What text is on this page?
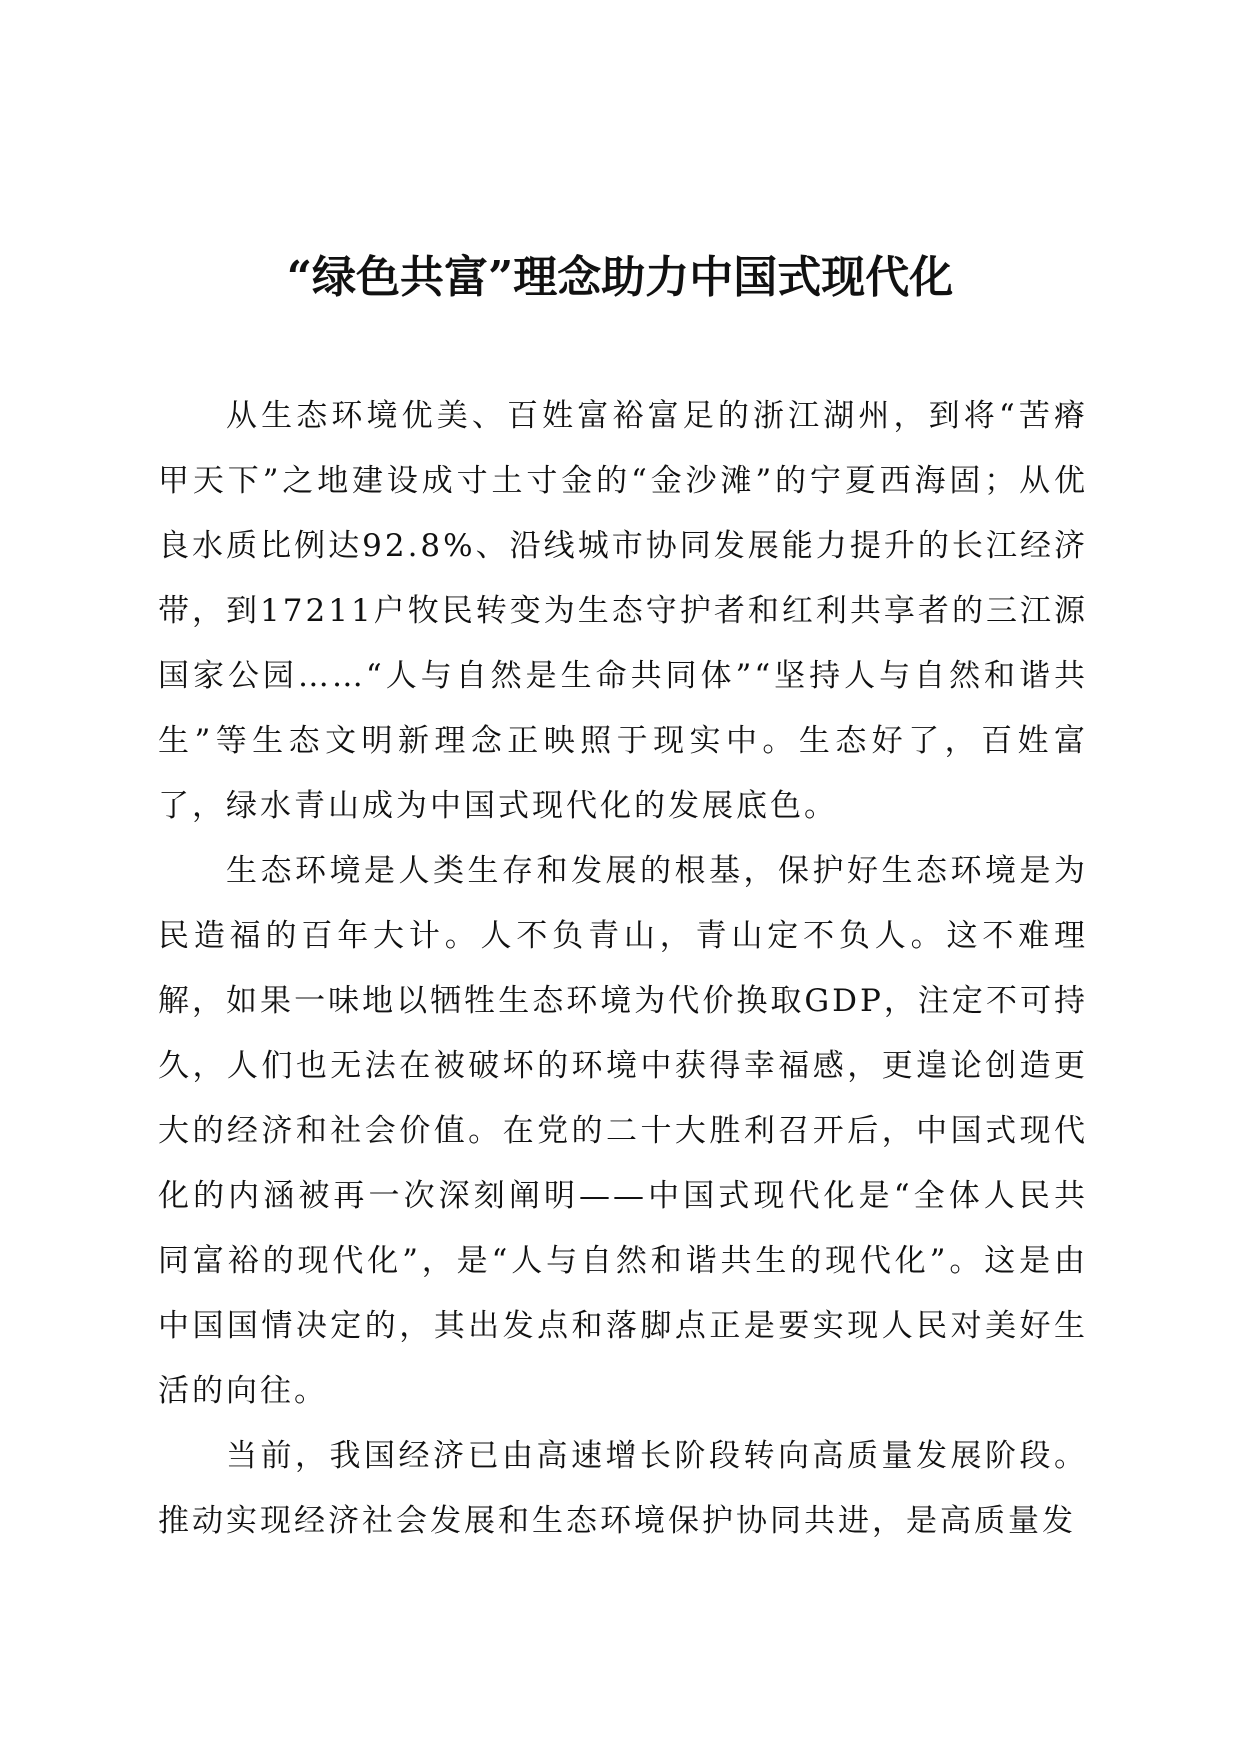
“绿色共富”理念助力中国式现代化

从生态环境优美、百姓富裕富足的浙江湖州，到将“苦瘠甲天下”之地建设成寸土寸金的“金沙滩”的宁夏西海固；从优良水质比例达92.8%、沿线城市协同发展能力提升的长江经济带，到17211户牧民转变为生态守护者和红利共享者的三江源国家公园……“人与自然是生命共同体”“坚持人与自然和谐共生”等生态文明新理念正映照于现实中。生态好了，百姓富了，绿水青山成为中国式现代化的发展底色。

生态环境是人类生存和发展的根基，保护好生态环境是为民造福的百年大计。人不负青山，青山定不负人。这不难理解，如果一味地以牺牲生态环境为代价换取GDP，注定不可持久，人们也无法在被破坏的环境中获得幸福感，更遑论创造更大的经济和社会价值。在党的二十大胜利召开后，中国式现代化的内涵被再一次深刻阐明——中国式现代化是“全体人民共同富裕的现代化”，是“人与自然和谐共生的现代化”。这是由中国国情决定的，其出发点和落脚点正是要实现人民对美好生活的向往。

当前，我国经济已由高速增长阶段转向高质量发展阶段。推动实现经济社会发展和生态环境保护协同共进，是高质量发
